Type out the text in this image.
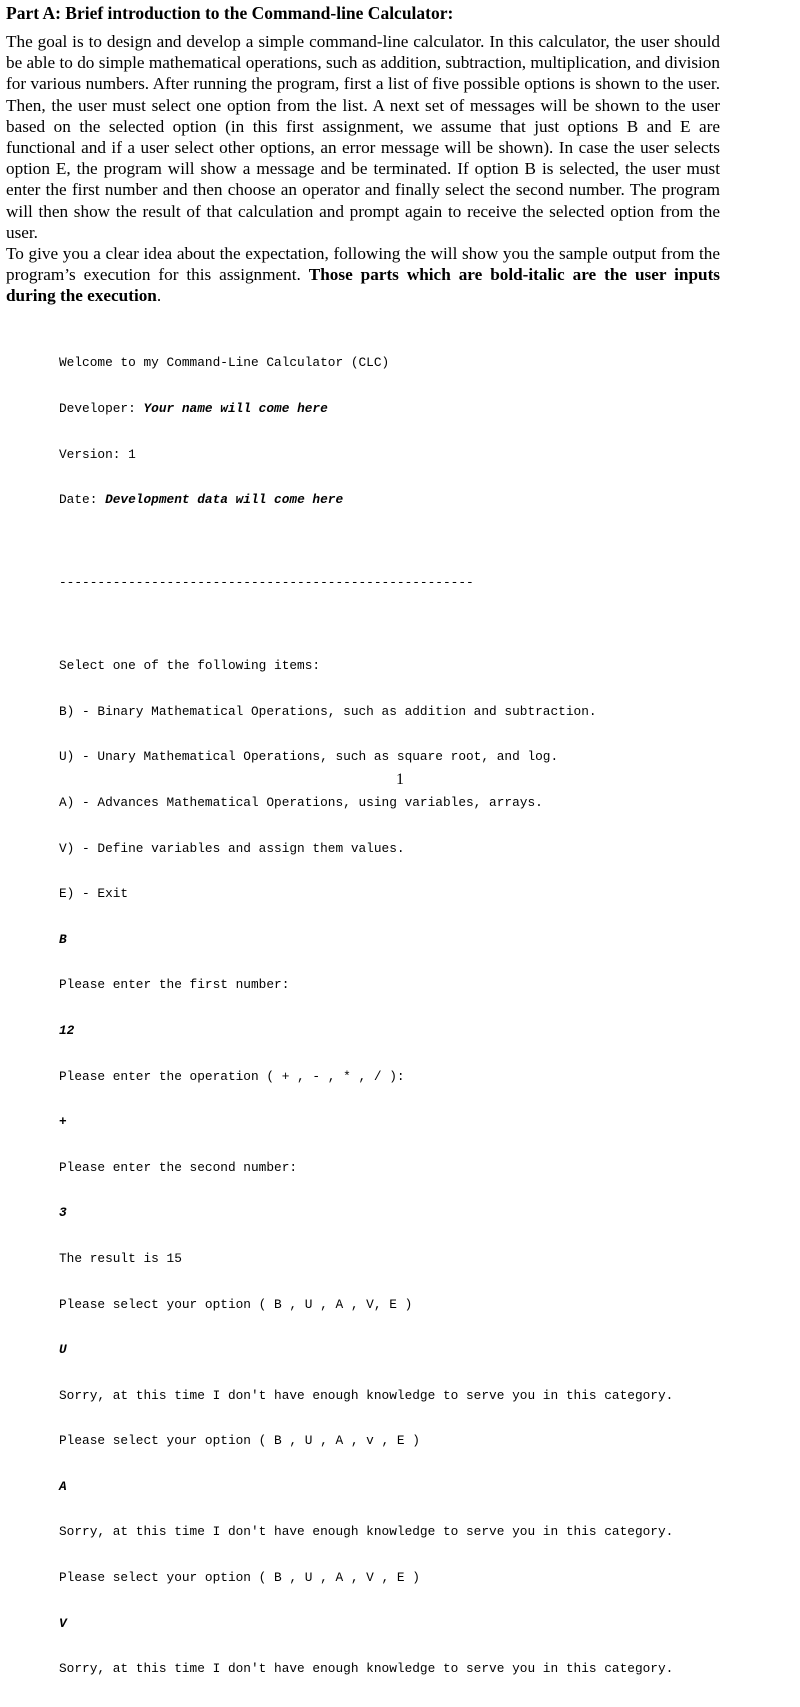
Part A: Brief introduction to the Command-line Calculator:

The goal is to design and develop a simple command-line calculator. In this calculator, the user should be able to do simple mathematical operations, such as addition, subtraction, multiplication, and division for various numbers. After running the program, first a list of five possible options is shown to the user. Then, the user must select one option from the list. A next set of messages will be shown to the user based on the selected option (in this first assignment, we assume that just options B and E are functional and if a user select other options, an error message will be shown). In case the user selects option E, the program will show a message and be terminated. If option B is selected, the user must enter the first number and then choose an operator and finally select the second number. The program will then show the result of that calculation and prompt again to receive the selected option from the user.

To give you a clear idea about the expectation, following the will show you the sample output from the program’s execution for this assignment. Those parts which are bold-italic are the user inputs during the execution.

Welcome to my Command-Line Calculator (CLC)

Developer: Your name will come here

Version: 1

Date: Development data will come here

------------------------------------------------------

Select one of the following items:

B) - Binary Mathematical Operations, such as addition and subtraction.

U) - Unary Mathematical Operations, such as square root, and log.

A) - Advances Mathematical Operations, using variables, arrays.

V) - Define variables and assign them values.

E) - Exit

B

Please enter the first number:

12

Please enter the operation ( + , - , * , / ):

+

Please enter the second number:

3

The result is 15

Please select your option ( B , U , A , V, E )

U

Sorry, at this time I don't have enough knowledge to serve you in this category.

Please select your option ( B , U , A , v , E )

A

Sorry, at this time I don't have enough knowledge to serve you in this category.

Please select your option ( B , U , A , V , E )

V

Sorry, at this time I don't have enough knowledge to serve you in this category.

1
